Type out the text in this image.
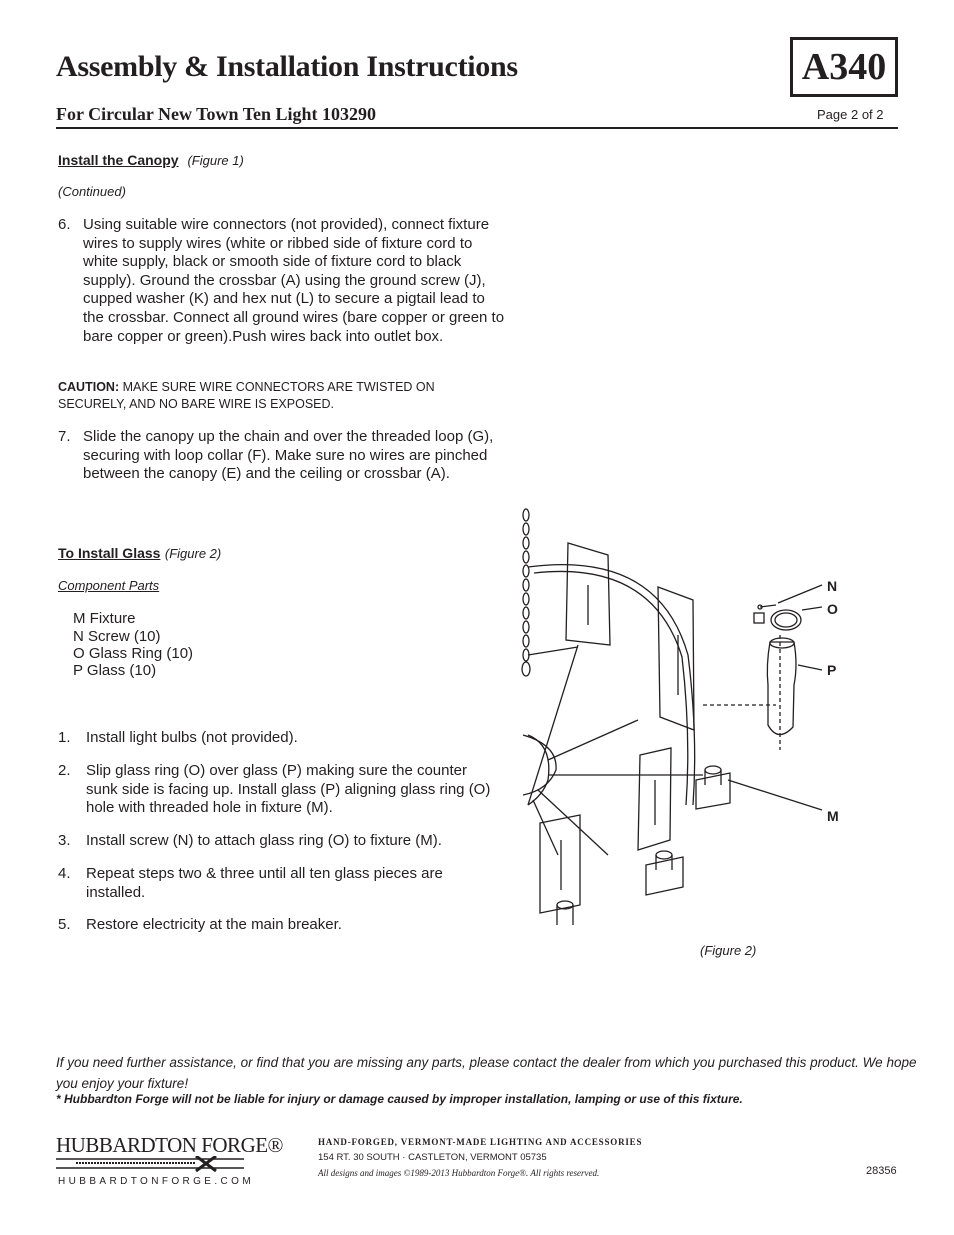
Assembly & Installation Instructions	A340
For Circular New Town Ten Light 103290	Page 2 of 2
Install the Canopy (Figure 1)
(Continued)
6. Using suitable wire connectors (not provided), connect fixture wires to supply wires (white or ribbed side of fixture cord to white supply, black or smooth side of fixture cord to black supply). Ground the crossbar (A) using the ground screw (J), cupped washer (K) and hex nut (L) to secure a pigtail lead to the crossbar. Connect all ground wires (bare copper or green to bare copper or green).Push wires back into outlet box.
CAUTION: MAKE SURE WIRE CONNECTORS ARE TWISTED ON SECURELY, AND NO BARE WIRE IS EXPOSED.
7. Slide the canopy up the chain and over the threaded loop (G), securing with loop collar (F). Make sure no wires are pinched between the canopy (E) and the ceiling or crossbar (A).
To Install Glass (Figure 2)
Component Parts
M Fixture
N Screw (10)
O Glass Ring (10)
P Glass (10)
1. Install light bulbs (not provided).
2. Slip glass ring (O) over glass (P) making sure the counter sunk side is facing up. Install glass (P) aligning glass ring (O) hole with threaded hole in fixture (M).
3. Install screw (N) to attach glass ring (O) to fixture (M).
4. Repeat steps two & three until all ten glass pieces are installed.
5. Restore electricity at the main breaker.
N
O
P
M
(Figure 2)
If you need further assistance, or find that you are missing any parts, please contact the dealer from which you purchased this product. We hope you enjoy your fixture!
* Hubbardton Forge will not be liable for injury or damage caused by improper installation, lamping or use of this fixture.
HUBBARDTON FORGE®
HUBBARDTONFORGE.COM
HAND-FORGED, VERMONT-MADE LIGHTING AND ACCESSORIES
154 RT. 30 SOUTH · CASTLETON, VERMONT 05735
All designs and images ©1989-2013 Hubbardton Forge®. All rights reserved.	28356
